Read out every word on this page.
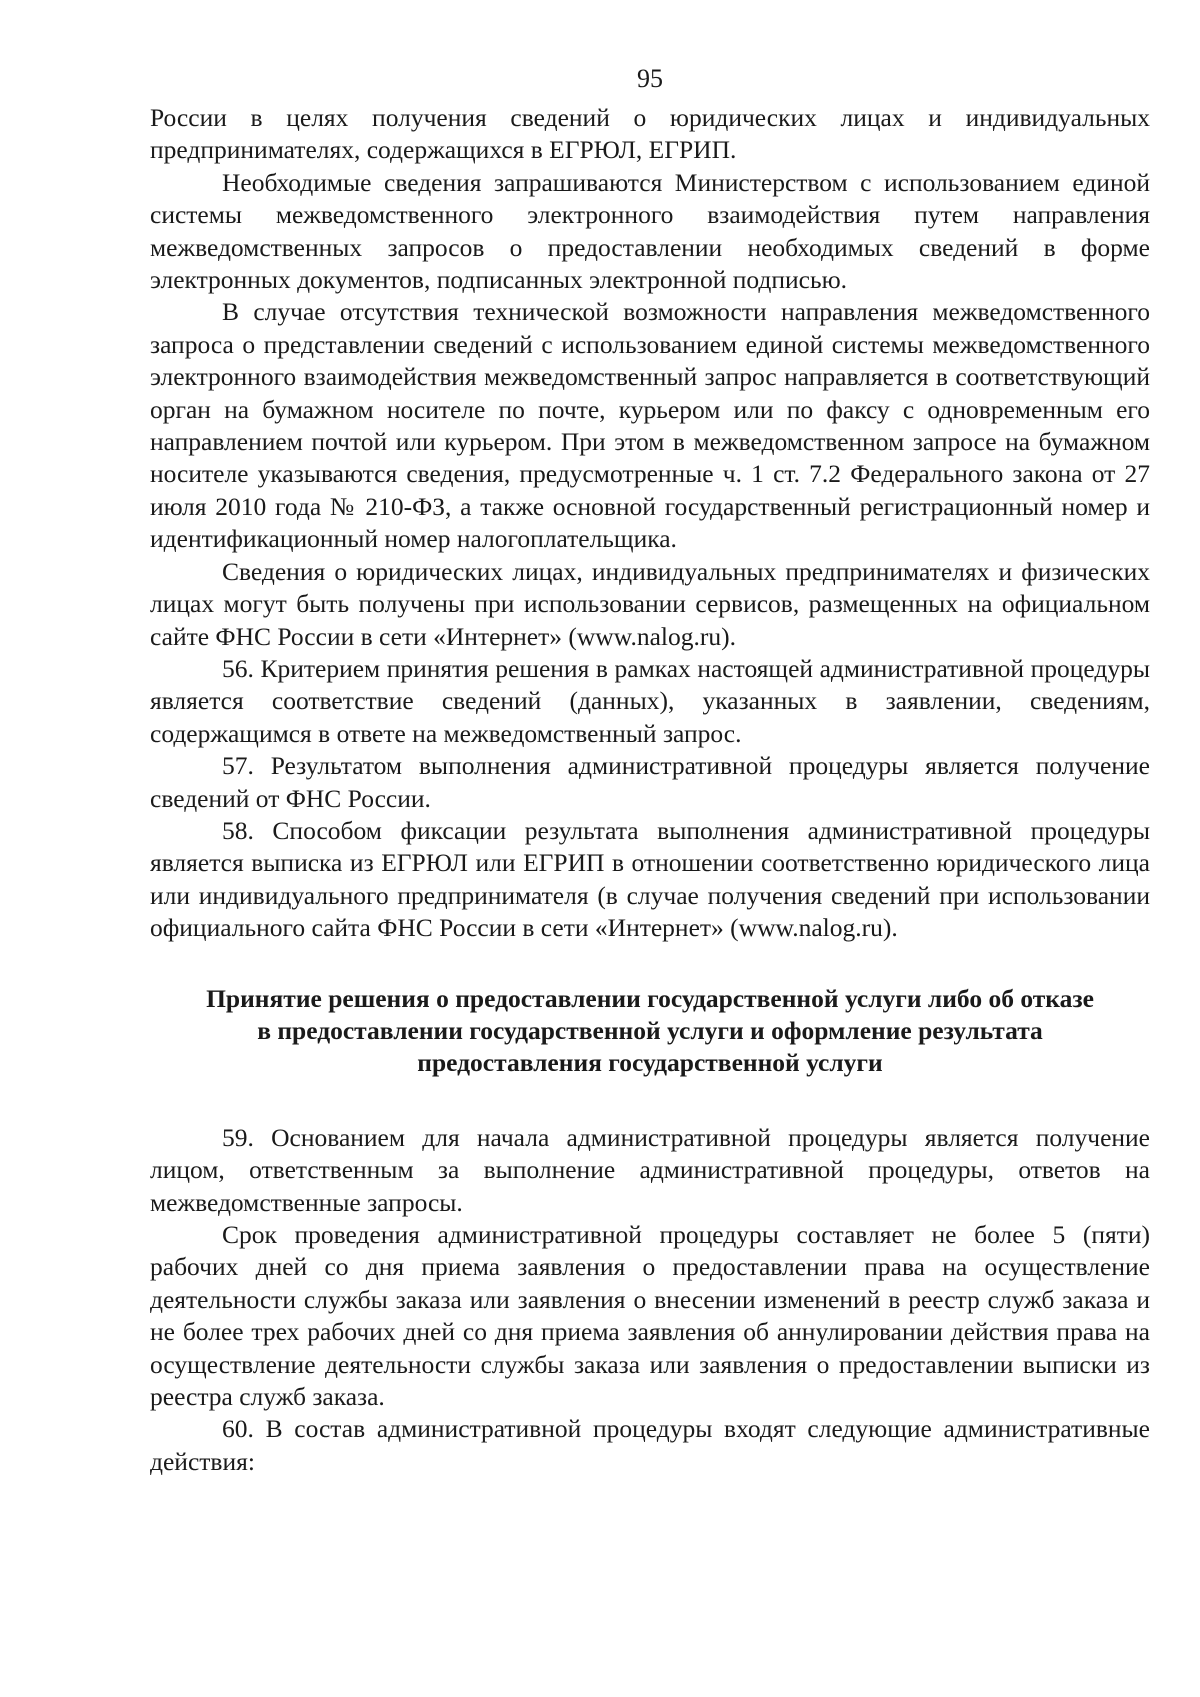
95

России в целях получения сведений о юридических лицах и индивидуальных предпринимателях, содержащихся в ЕГРЮЛ, ЕГРИП.

Необходимые сведения запрашиваются Министерством с использованием единой системы межведомственного электронного взаимодействия путем направления межведомственных запросов о предоставлении необходимых сведений в форме электронных документов, подписанных электронной подписью.

В случае отсутствия технической возможности направления межведомственного запроса о представлении сведений с использованием единой системы межведомственного электронного взаимодействия межведомственный запрос направляется в соответствующий орган на бумажном носителе по почте, курьером или по факсу с одновременным его направлением почтой или курьером. При этом в межведомственном запросе на бумажном носителе указываются сведения, предусмотренные ч. 1 ст. 7.2 Федерального закона от 27 июля 2010 года № 210-ФЗ, а также основной государственный регистрационный номер и идентификационный номер налогоплательщика.

Сведения о юридических лицах, индивидуальных предпринимателях и физических лицах могут быть получены при использовании сервисов, размещенных на официальном сайте ФНС России в сети «Интернет» (www.nalog.ru).

56. Критерием принятия решения в рамках настоящей административной процедуры является соответствие сведений (данных), указанных в заявлении, сведениям, содержащимся в ответе на межведомственный запрос.

57. Результатом выполнения административной процедуры является получение сведений от ФНС России.

58. Способом фиксации результата выполнения административной процедуры является выписка из ЕГРЮЛ или ЕГРИП в отношении соответственно юридического лица или индивидуального предпринимателя (в случае получения сведений при использовании официального сайта ФНС России в сети «Интернет» (www.nalog.ru).

Принятие решения о предоставлении государственной услуги либо об отказе
в предоставлении государственной услуги и оформление результата
предоставления государственной услуги

59. Основанием для начала административной процедуры является получение лицом, ответственным за выполнение административной процедуры, ответов на межведомственные запросы.

Срок проведения административной процедуры составляет не более 5 (пяти) рабочих дней со дня приема заявления о предоставлении права на осуществление деятельности службы заказа или заявления о внесении изменений в реестр служб заказа и не более трех рабочих дней со дня приема заявления об аннулировании действия права на осуществление деятельности службы заказа или заявления о предоставлении выписки из реестра служб заказа.

60. В состав административной процедуры входят следующие административные действия:
